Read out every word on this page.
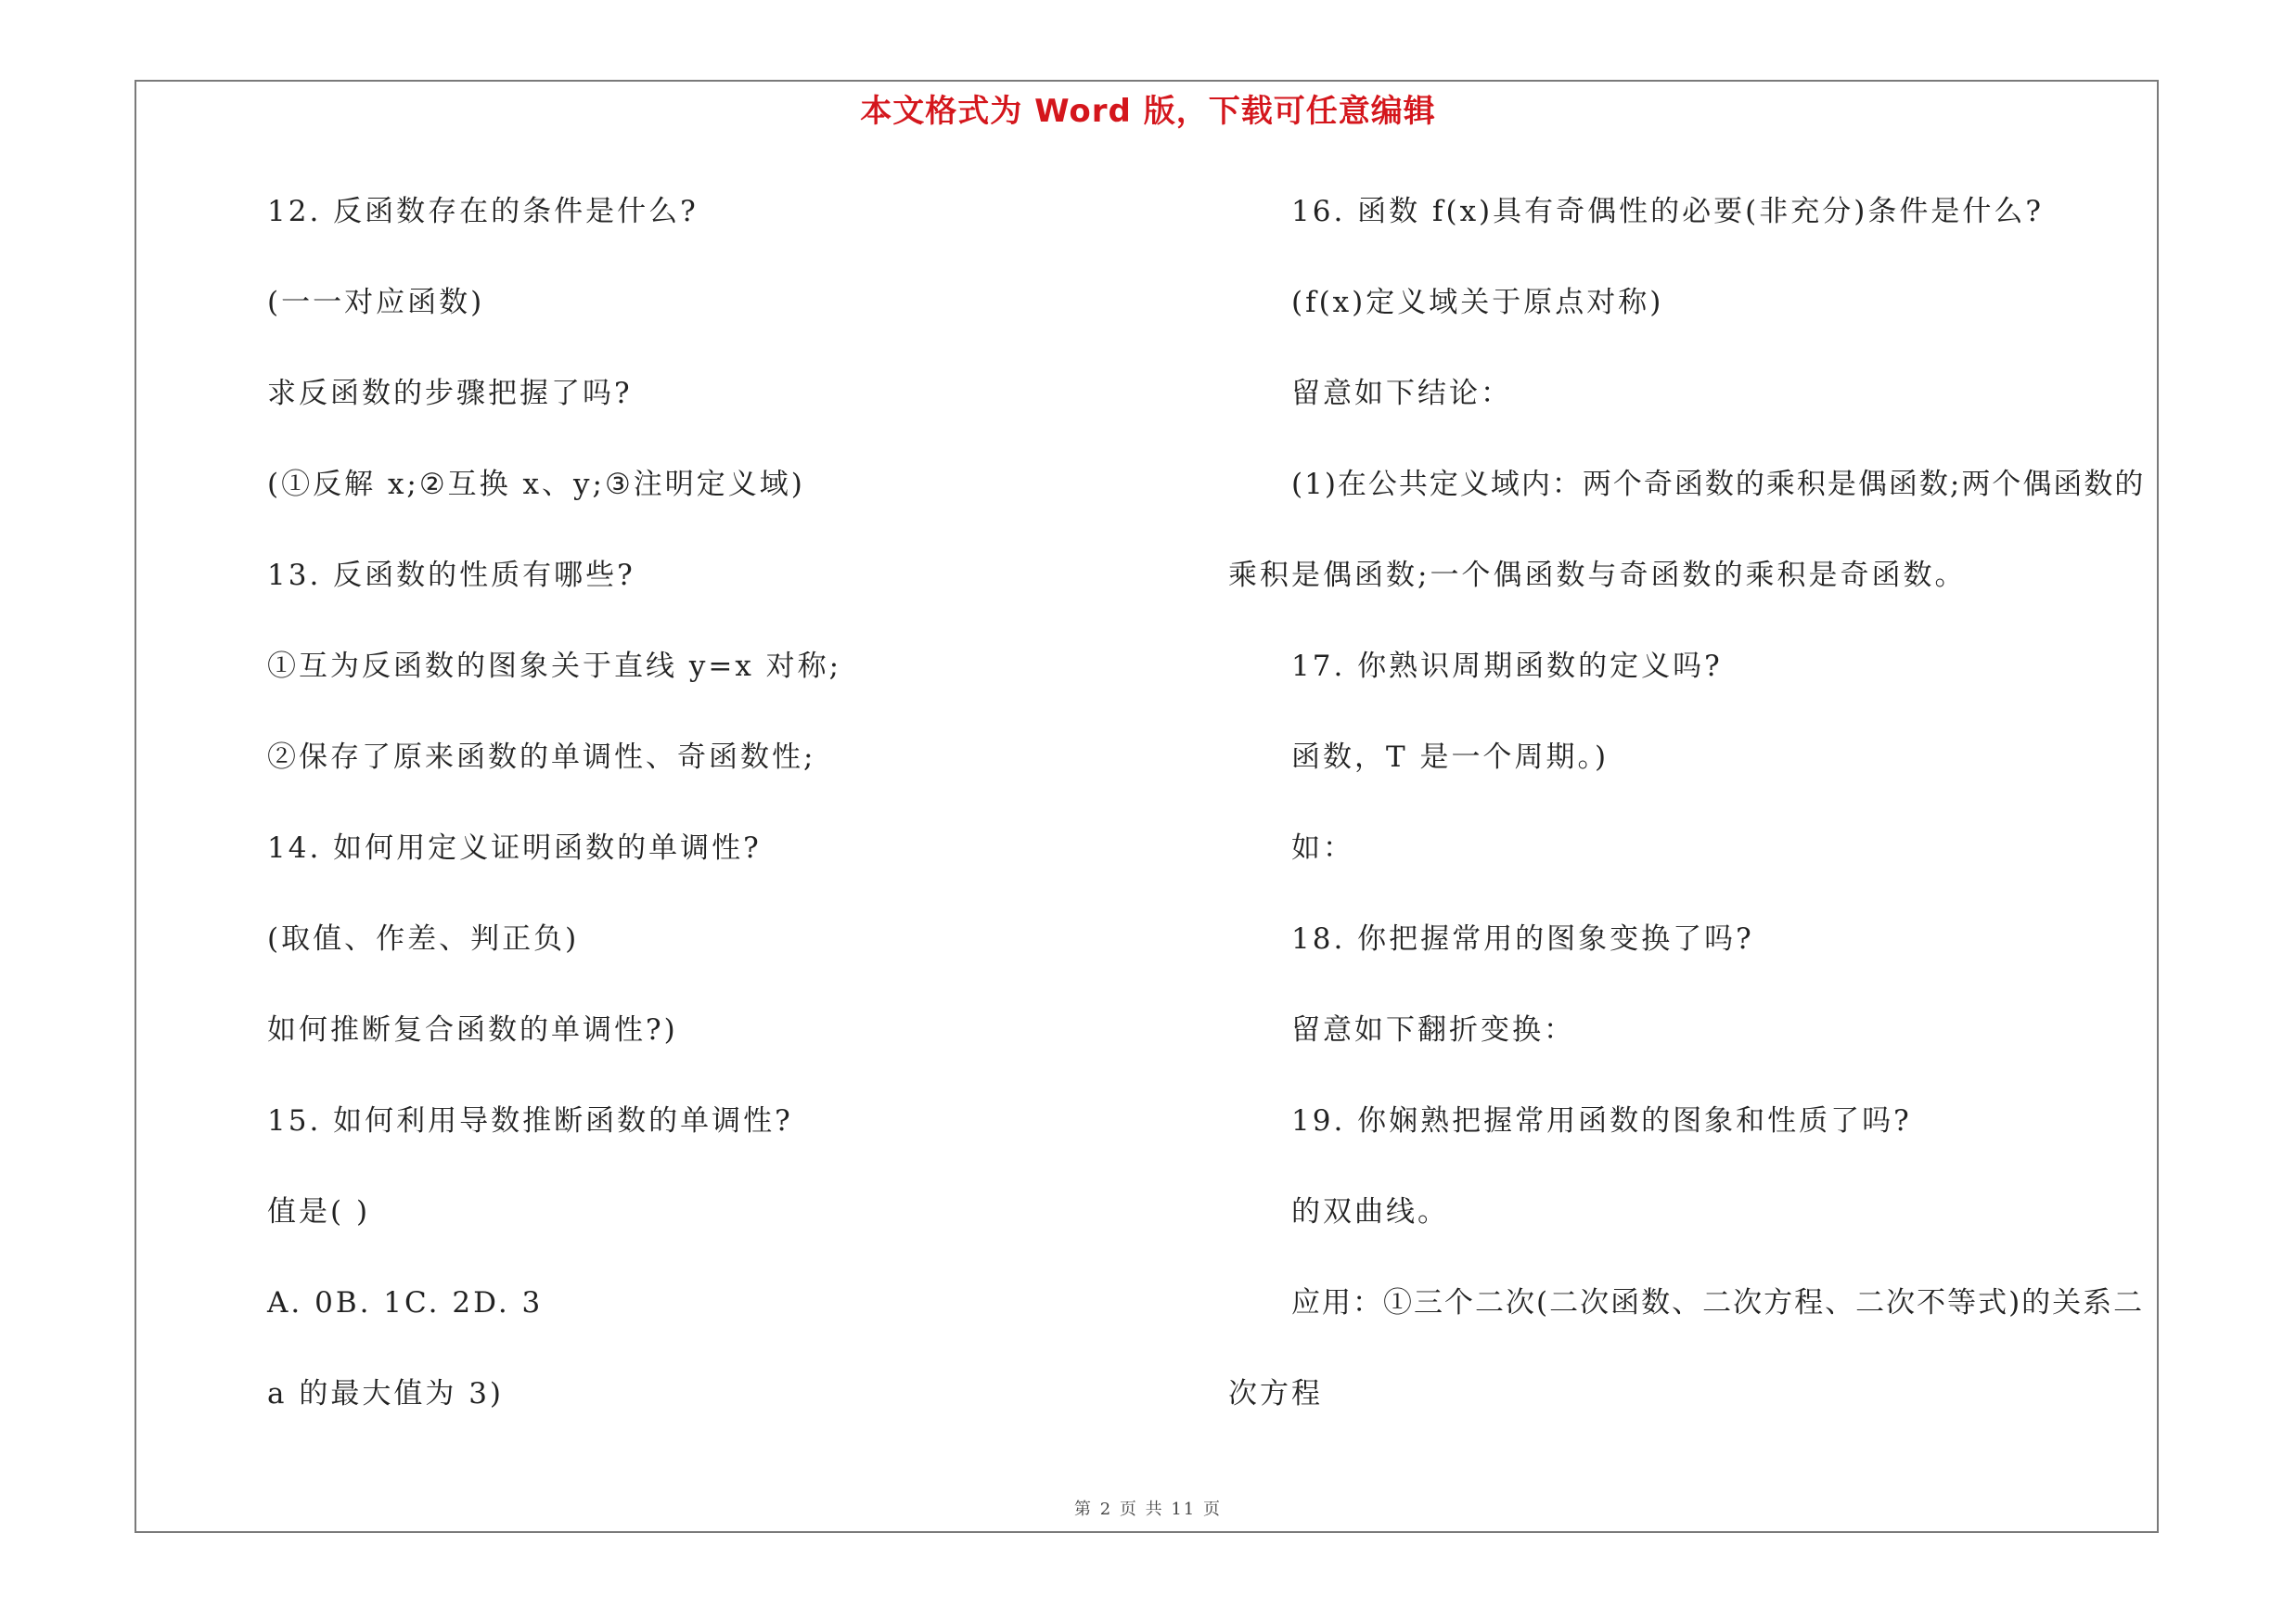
本文格式为 Word 版，下载可任意编辑
12. 反函数存在的条件是什么?
(一一对应函数)
求反函数的步骤把握了吗?
(①反解 x;②互换 x、y;③注明定义域)
13. 反函数的性质有哪些?
①互为反函数的图象关于直线 y=x 对称;
②保存了原来函数的单调性、奇函数性;
14. 如何用定义证明函数的单调性?
(取值、作差、判正负)
如何推断复合函数的单调性?)
15. 如何利用导数推断函数的单调性?
值是( )
A. 0B. 1C. 2D. 3
a 的最大值为 3)
16. 函数 f(x)具有奇偶性的必要(非充分)条件是什么?
(f(x)定义域关于原点对称)
留意如下结论：
(1)在公共定义域内：两个奇函数的乘积是偶函数;两个偶函数的
乘积是偶函数;一个偶函数与奇函数的乘积是奇函数。
17. 你熟识周期函数的定义吗?
函数，T 是一个周期。)
如：
18. 你把握常用的图象变换了吗?
留意如下翻折变换：
19. 你娴熟把握常用函数的图象和性质了吗?
的双曲线。
应用：①三个二次(二次函数、二次方程、二次不等式)的关系二
次方程
第 2 页 共 11 页
